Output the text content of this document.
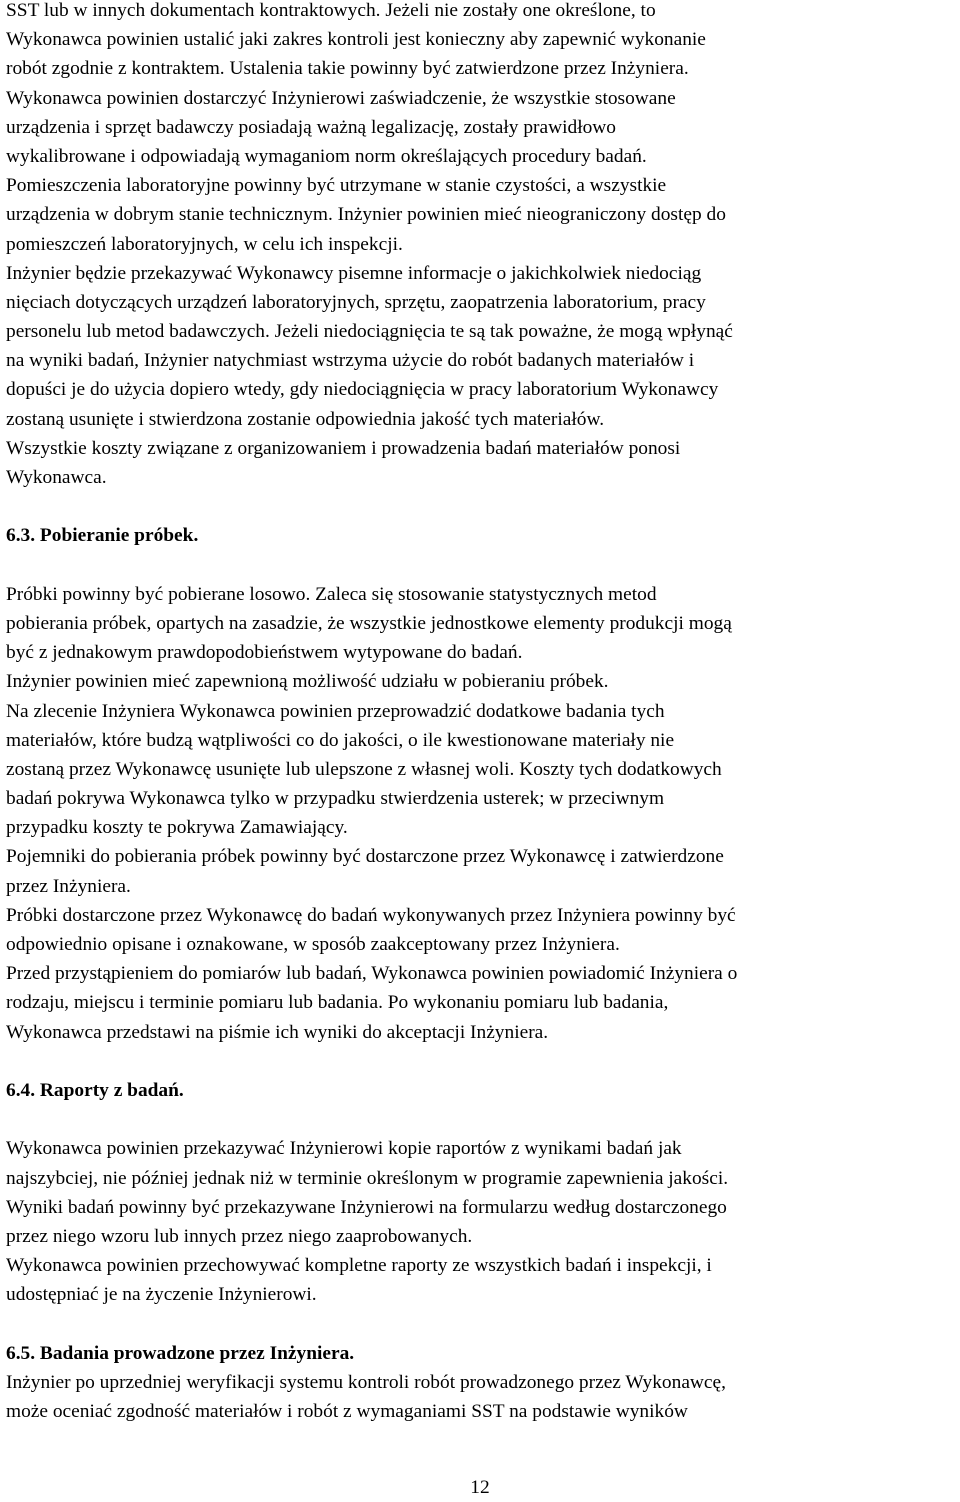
SST lub w innych dokumentach kontraktowych. Jeżeli nie zostały one określone, to
Wykonawca powinien ustalić jaki zakres kontroli jest konieczny aby zapewnić wykonanie
robót zgodnie z kontraktem. Ustalenia takie powinny być zatwierdzone przez Inżyniera.
Wykonawca powinien dostarczyć Inżynierowi zaświadczenie, że wszystkie stosowane
urządzenia i sprzęt badawczy posiadają ważną legalizację, zostały prawidłowo
wykalibrowane i odpowiadają wymaganiom norm określających procedury badań.
Pomieszczenia laboratoryjne powinny być utrzymane w stanie czystości, a wszystkie
urządzenia w dobrym stanie technicznym. Inżynier powinien mieć nieograniczony dostęp do
pomieszczeń laboratoryjnych, w celu ich inspekcji.
Inżynier będzie przekazywać Wykonawcy pisemne informacje o jakichkolwiek niedociąg
nięciach dotyczących urządzeń laboratoryjnych, sprzętu, zaopatrzenia laboratorium, pracy
personelu lub metod badawczych. Jeżeli niedociągnięcia te są tak poważne, że mogą wpłynąć
na wyniki badań, Inżynier natychmiast wstrzyma użycie do robót badanych materiałów i
dopuści je do użycia dopiero wtedy, gdy niedociągnięcia w pracy laboratorium Wykonawcy
zostaną usunięte i stwierdzona zostanie odpowiednia jakość tych materiałów.
Wszystkie koszty związane z organizowaniem i prowadzenia badań materiałów ponosi
Wykonawca.
6.3. Pobieranie próbek.
Próbki powinny być pobierane losowo. Zaleca się stosowanie statystycznych metod
pobierania próbek, opartych na zasadzie, że wszystkie jednostkowe elementy produkcji mogą
być z jednakowym prawdopodobieństwem wytypowane do badań.
Inżynier powinien mieć zapewnioną możliwość udziału w pobieraniu próbek.
Na zlecenie Inżyniera Wykonawca powinien przeprowadzić dodatkowe badania tych
materiałów, które budzą wątpliwości co do jakości, o ile kwestionowane materiały nie
zostaną przez Wykonawcę usunięte lub ulepszone z własnej woli. Koszty tych dodatkowych
badań pokrywa Wykonawca tylko w przypadku stwierdzenia usterek; w przeciwnym
przypadku koszty te pokrywa Zamawiający.
Pojemniki do pobierania próbek powinny być dostarczone przez Wykonawcę i zatwierdzone
przez Inżyniera.
Próbki dostarczone przez Wykonawcę do badań wykonywanych przez Inżyniera powinny być
odpowiednio opisane i oznakowane, w sposób zaakceptowany przez Inżyniera.
Przed przystąpieniem do pomiarów lub badań, Wykonawca powinien powiadomić Inżyniera o
rodzaju, miejscu i terminie pomiaru lub badania. Po wykonaniu pomiaru lub badania,
Wykonawca przedstawi na piśmie ich wyniki do akceptacji Inżyniera.
6.4. Raporty z badań.
Wykonawca powinien przekazywać Inżynierowi kopie raportów z wynikami badań jak
najszybciej, nie później jednak niż w terminie określonym w programie zapewnienia jakości.
Wyniki badań powinny być przekazywane Inżynierowi na formularzu według dostarczonego
przez niego wzoru lub innych przez niego zaaprobowanych.
Wykonawca powinien przechowywać kompletne raporty ze wszystkich badań i inspekcji, i
udostępniać je na życzenie Inżynierowi.
6.5. Badania prowadzone przez Inżyniera.
Inżynier po uprzedniej weryfikacji systemu kontroli robót prowadzonego przez Wykonawcę,
może oceniać zgodność materiałów i robót z wymaganiami SST na podstawie wyników
12
